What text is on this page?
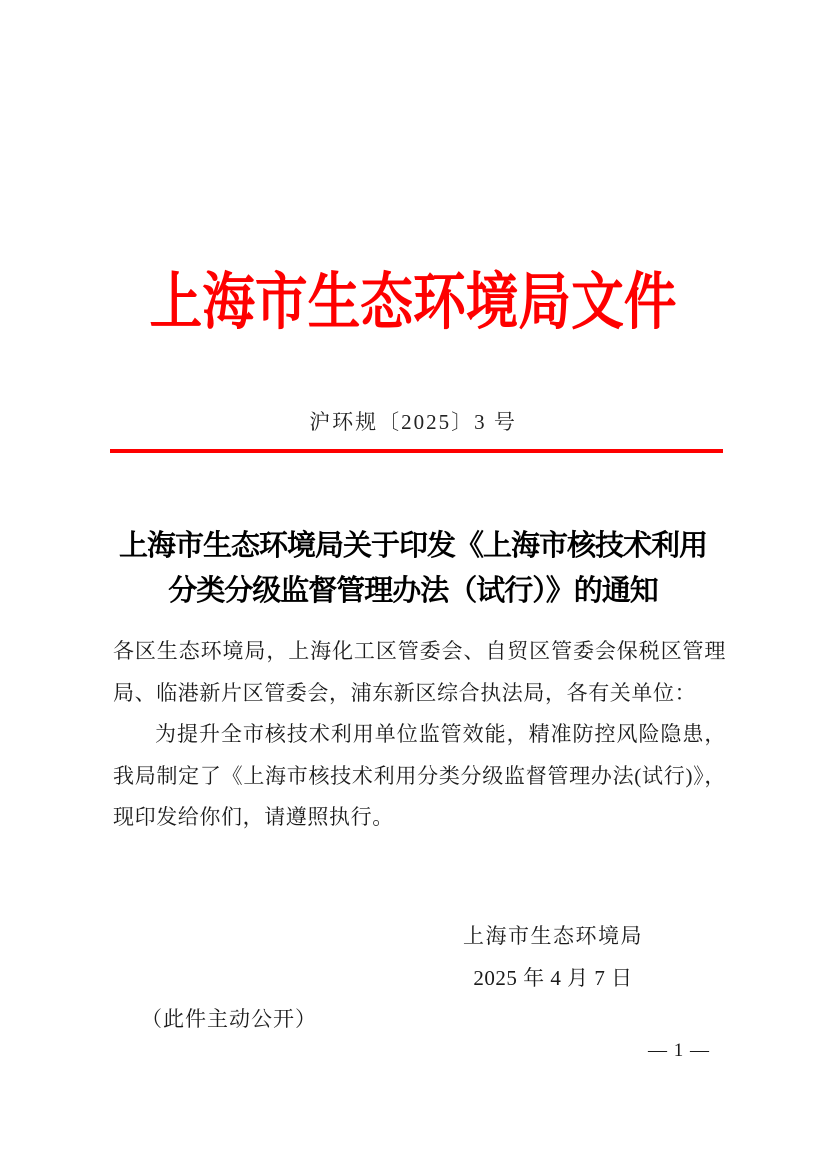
上海市生态环境局文件
沪环规〔2025〕3 号
上海市生态环境局关于印发《上海市核技术利用
分类分级监督管理办法（试行）》的通知

各区生态环境局，上海化工区管委会、自贸区管委会保税区管理局、临港新片区管委会，浦东新区综合执法局，各有关单位：

为提升全市核技术利用单位监管效能，精准防控风险隐患，我局制定了《上海市核技术利用分类分级监督管理办法(试行)》，现印发给你们，请遵照执行。

上海市生态环境局
2025 年 4 月 7 日
（此件主动公开）
— 1 —
